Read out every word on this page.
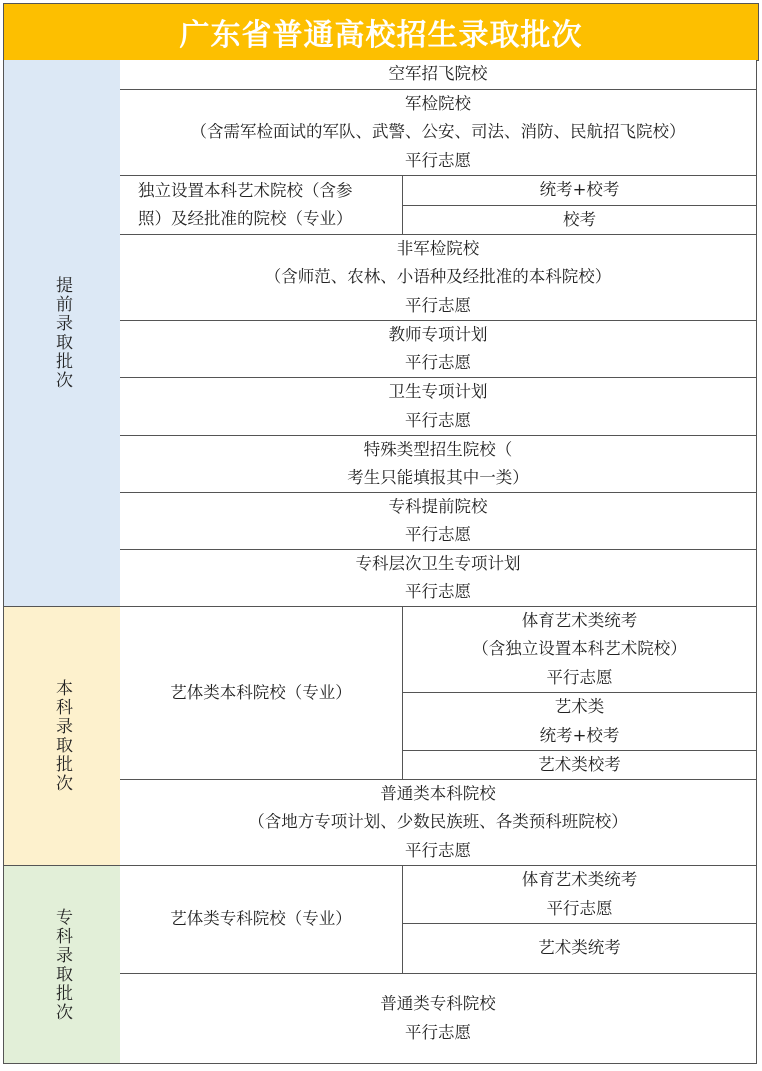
广东省普通高校招生录取批次
提前录取批次
本科录取批次
专科录取批次
空军招飞院校
军检院校
（含需军检面试的军队、武警、公安、司法、消防、民航招飞院校）
平行志愿
独立设置本科艺术院校（含参
照）及经批准的院校（专业）
统考+校考
校考
非军检院校
（含师范、农林、小语种及经批准的本科院校）
平行志愿
教师专项计划
平行志愿
卫生专项计划
平行志愿
特殊类型招生院校（
考生只能填报其中一类）
专科提前院校
平行志愿
专科层次卫生专项计划
平行志愿
艺体类本科院校（专业）
体育艺术类统考
（含独立设置本科艺术院校）
平行志愿
艺术类
统考+校考
艺术类校考
普通类本科院校
（含地方专项计划、少数民族班、各类预科班院校）
平行志愿
艺体类专科院校（专业）
体育艺术类统考
平行志愿
艺术类统考
普通类专科院校
平行志愿
